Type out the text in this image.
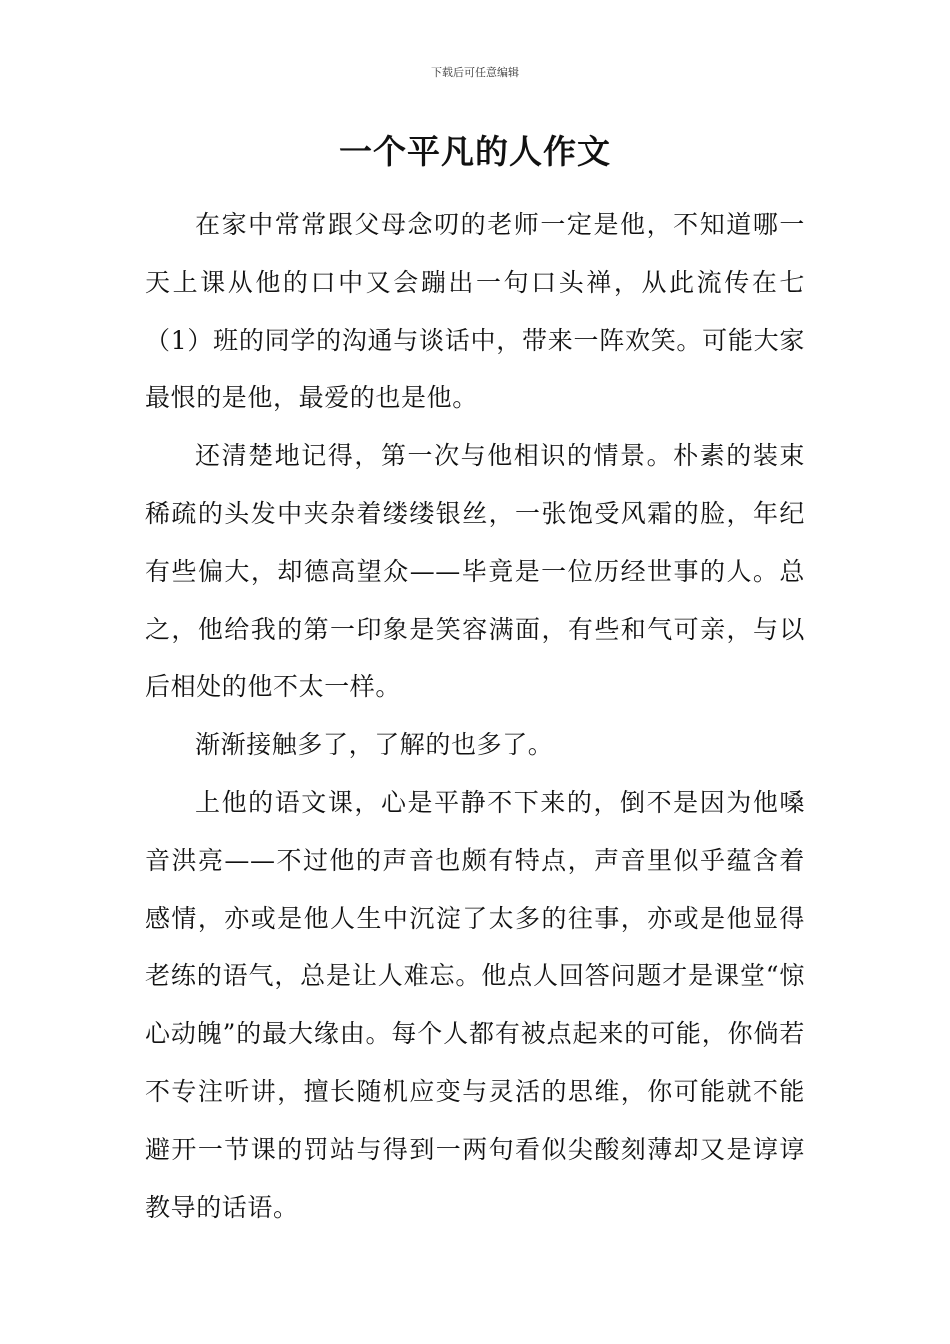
下载后可任意编辑
一个平凡的人作文

在家中常常跟父母念叨的老师一定是他，不知道哪一天上课从他的口中又会蹦出一句口头禅，从此流传在七（1）班的同学的沟通与谈话中，带来一阵欢笑。可能大家最恨的是他，最爱的也是他。

还清楚地记得，第一次与他相识的情景。朴素的装束稀疏的头发中夹杂着缕缕银丝，一张饱受风霜的脸，年纪有些偏大，却德高望众——毕竟是一位历经世事的人。总之，他给我的第一印象是笑容满面，有些和气可亲，与以后相处的他不太一样。

渐渐接触多了，了解的也多了。

上他的语文课，心是平静不下来的，倒不是因为他嗓音洪亮——不过他的声音也颇有特点，声音里似乎蕴含着感情，亦或是他人生中沉淀了太多的往事，亦或是他显得老练的语气，总是让人难忘。他点人回答问题才是课堂“惊心动魄”的最大缘由。每个人都有被点起来的可能，你倘若不专注听讲，擅长随机应变与灵活的思维，你可能就不能避开一节课的罚站与得到一两句看似尖酸刻薄却又是谆谆教导的话语。
